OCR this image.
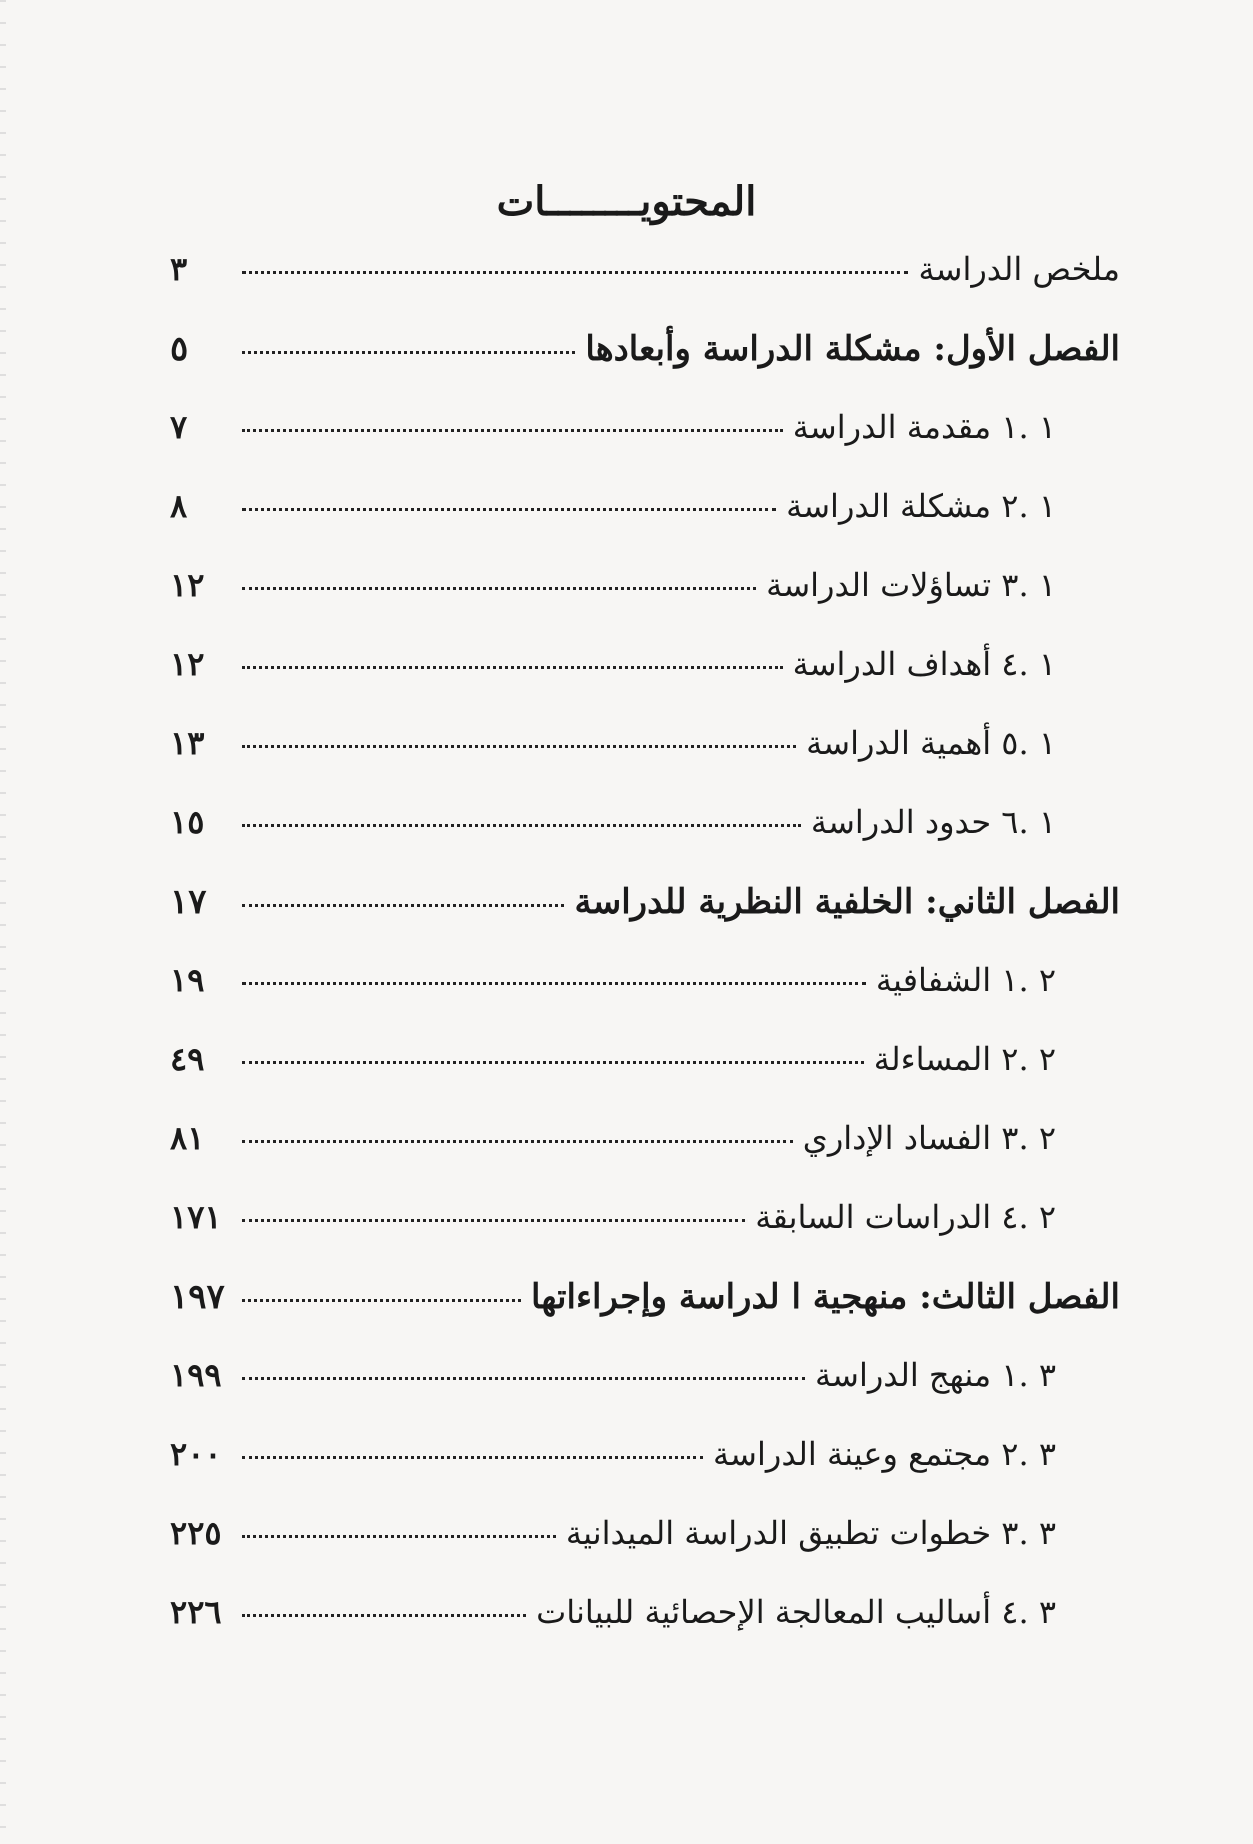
المحتويــــــــات
ملخص الدراسة
٣
الفصل الأول: مشكلة الدراسة وأبعادها
٥
١ .١ مقدمة الدراسة
٧
١ .٢ مشكلة الدراسة
٨
١ .٣ تساؤلات الدراسة
١٢
١ .٤ أهداف الدراسة
١٢
١ .٥ أهمية الدراسة
١٣
١ .٦ حدود الدراسة
١٥
الفصل الثاني: الخلفية النظرية للدراسة
١٧
٢ .١ الشفافية
١٩
٢ .٢ المساءلة
٤٩
٢ .٣ الفساد الإداري
٨١
٢ .٤ الدراسات السابقة
١٧١
الفصل الثالث: منهجية ا لدراسة وإجراءاتها
١٩٧
٣ .١ منهج الدراسة
١٩٩
٣ .٢ مجتمع وعينة الدراسة
٢٠٠
٣ .٣ خطوات تطبيق الدراسة الميدانية
٢٢٥
٣ .٤ أساليب المعالجة الإحصائية للبيانات
٢٢٦
